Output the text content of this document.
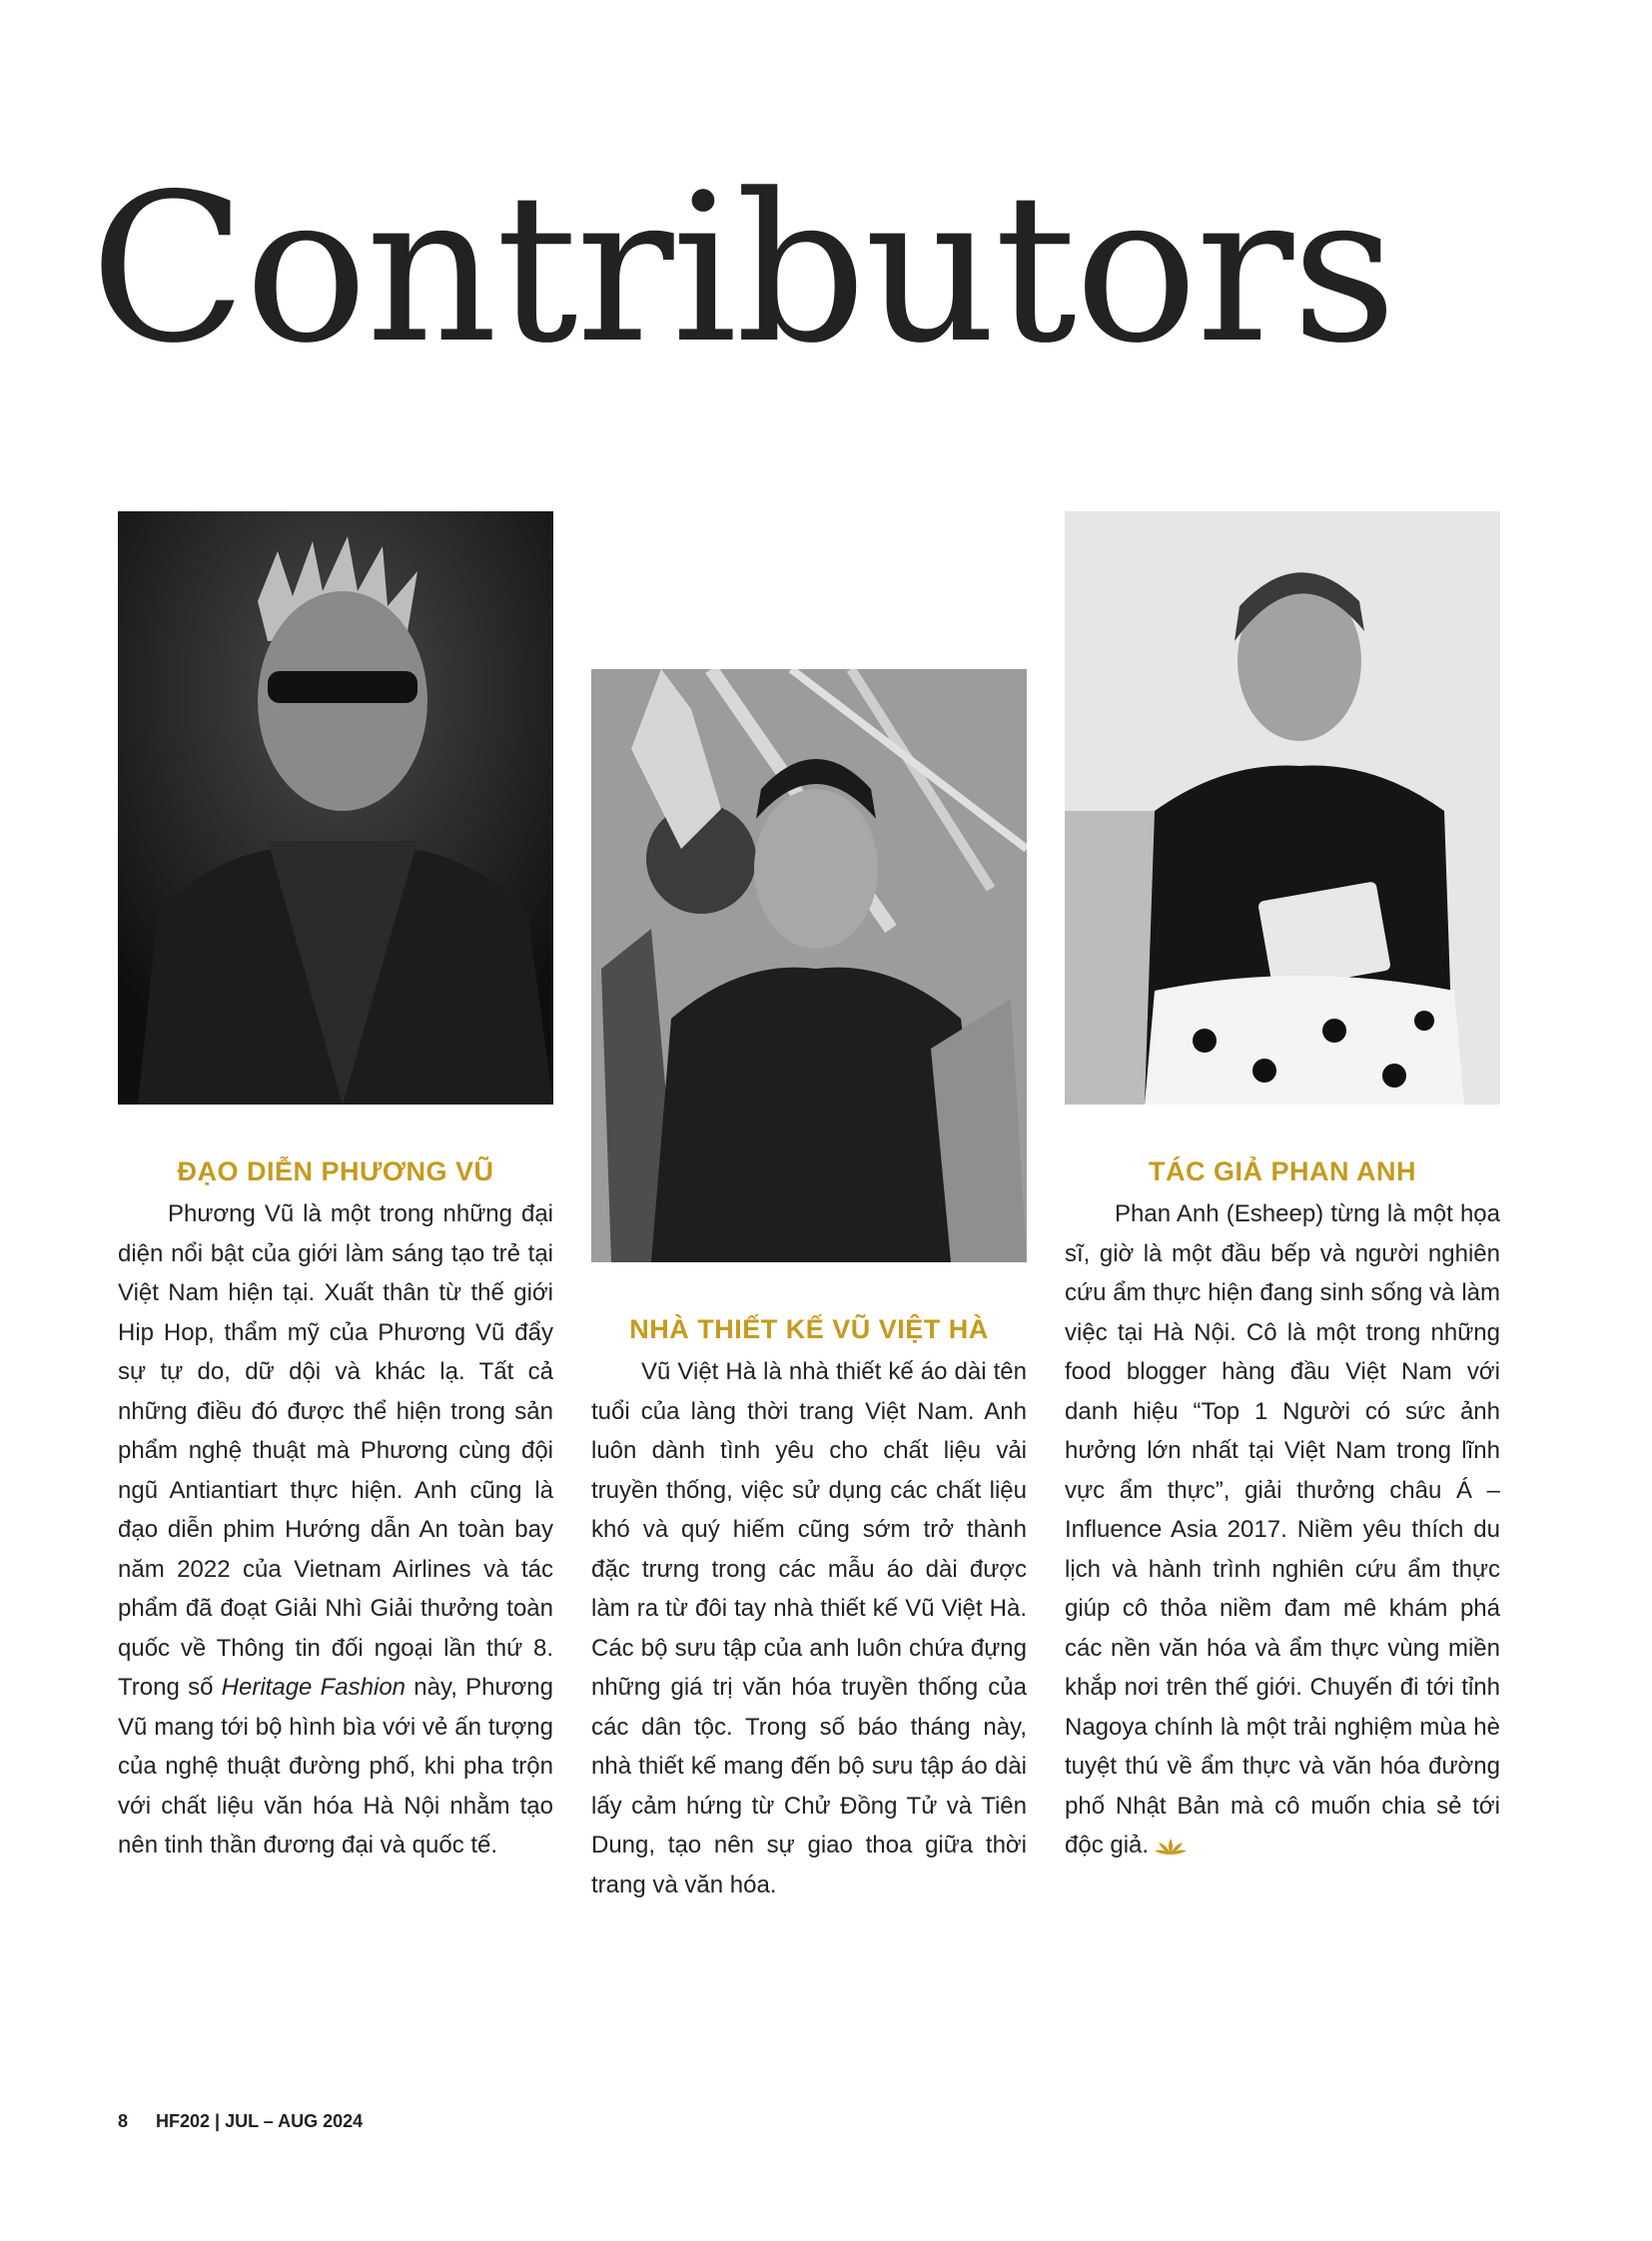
Contributors
ĐẠO DIỄN PHƯƠNG VŨ
NHÀ THIẾT KẾ VŨ VIỆT HÀ
TÁC GIẢ PHAN ANH

Phương Vũ là một trong những đại diện nổi bật của giới làm sáng tạo trẻ tại Việt Nam hiện tại. Xuất thân từ thế giới Hip Hop, thẩm mỹ của Phương Vũ đẩy sự tự do, dữ dội và khác lạ. Tất cả những điều đó được thể hiện trong sản phẩm nghệ thuật mà Phương cùng đội ngũ Antiantiart thực hiện. Anh cũng là đạo diễn phim Hướng dẫn An toàn bay năm 2022 của Vietnam Airlines và tác phẩm đã đoạt Giải Nhì Giải thưởng toàn quốc về Thông tin đối ngoại lần thứ 8. Trong số Heritage Fashion này, Phương Vũ mang tới bộ hình bìa với vẻ ấn tượng của nghệ thuật đường phố, khi pha trộn với chất liệu văn hóa Hà Nội nhằm tạo nên tinh thần đương đại và quốc tế.

Vũ Việt Hà là nhà thiết kế áo dài tên tuổi của làng thời trang Việt Nam. Anh luôn dành tình yêu cho chất liệu vải truyền thống, việc sử dụng các chất liệu khó và quý hiếm cũng sớm trở thành đặc trưng trong các mẫu áo dài được làm ra từ đôi tay nhà thiết kế Vũ Việt Hà. Các bộ sưu tập của anh luôn chứa đựng những giá trị văn hóa truyền thống của các dân tộc. Trong số báo tháng này, nhà thiết kế mang đến bộ sưu tập áo dài lấy cảm hứng từ Chử Đồng Tử và Tiên Dung, tạo nên sự giao thoa giữa thời trang và văn hóa.

Phan Anh (Esheep) từng là một họa sĩ, giờ là một đầu bếp và người nghiên cứu ẩm thực hiện đang sinh sống và làm việc tại Hà Nội. Cô là một trong những food blogger hàng đầu Việt Nam với danh hiệu “Top 1 Người có sức ảnh hưởng lớn nhất tại Việt Nam trong lĩnh vực ẩm thực”, giải thưởng châu Á – Influence Asia 2017. Niềm yêu thích du lịch và hành trình nghiên cứu ẩm thực giúp cô thỏa niềm đam mê khám phá các nền văn hóa và ẩm thực vùng miền khắp nơi trên thế giới. Chuyến đi tới tỉnh Nagoya chính là một trải nghiệm mùa hè tuyệt thú về ẩm thực và văn hóa đường phố Nhật Bản mà cô muốn chia sẻ tới độc giả.

8 HF202 | JUL – AUG 2024
